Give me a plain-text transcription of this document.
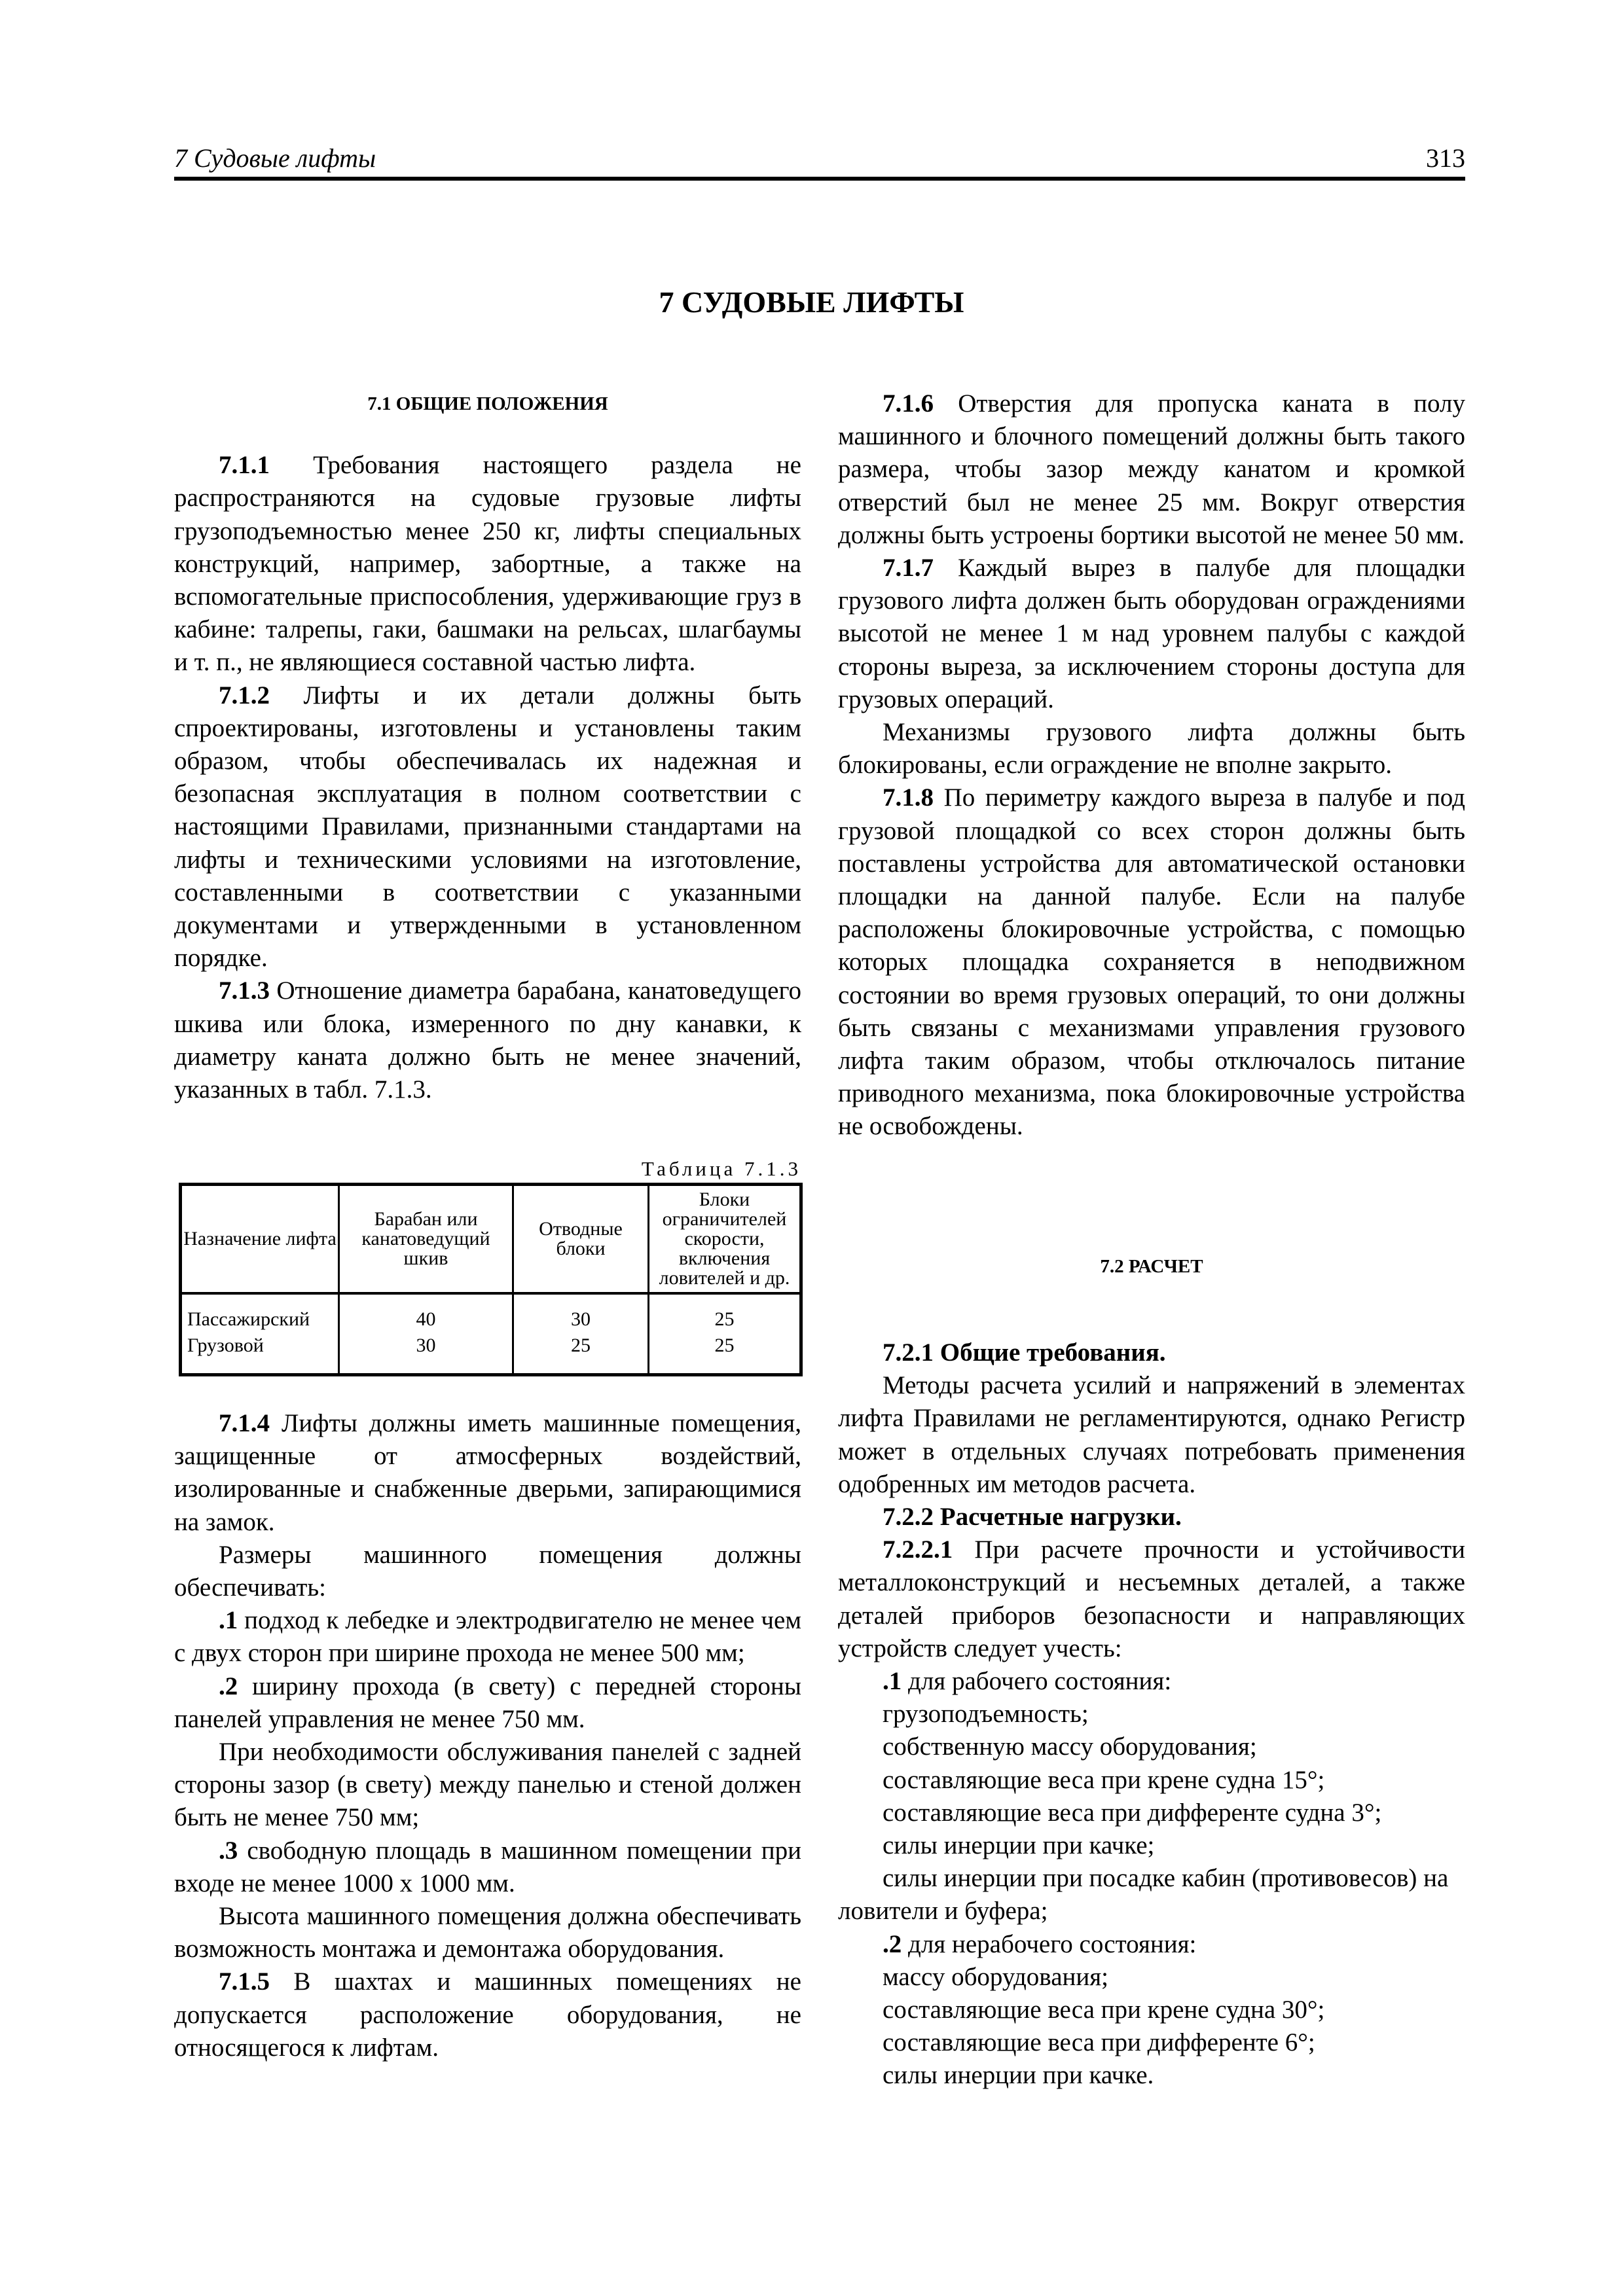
7 Судовые лифты	313
7 СУДОВЫЕ ЛИФТЫ

7.1 ОБЩИЕ ПОЛОЖЕНИЯ

7.1.1 Требования настоящего раздела не распространяются на судовые грузовые лифты грузоподъемностью менее 250 кг, лифты специальных конструкций, например, забортные, а также на вспомогательные приспособления, удерживающие груз в кабине: талрепы, гаки, башмаки на рельсах, шлагбаумы и т. п., не являющиеся составной частью лифта.

7.1.2 Лифты и их детали должны быть спроектированы, изготовлены и установлены таким образом, чтобы обеспечивалась их надежная и безопасная эксплуатация в полном соответствии с настоящими Правилами, признанными стандартами на лифты и техническими условиями на изготовление, составленными в соответствии с указанными документами и утвержденными в установленном порядке.

7.1.3 Отношение диаметра барабана, канатоведущего шкива или блока, измеренного по дну канавки, к диаметру каната должно быть не менее значений, указанных в табл. 7.1.3.

Таблица 7.1.3
Назначение лифта	Барабан или канатоведущий шкив	Отводные блоки	Блоки ограничителей скорости, включения ловителей и др.
Пассажирский	40	30	25
Грузовой	30	25	25

7.1.4 Лифты должны иметь машинные помещения, защищенные от атмосферных воздействий, изолированные и снабженные дверьми, запирающимися на замок.

Размеры машинного помещения должны обеспечивать:

.1 подход к лебедке и электродвигателю не менее чем с двух сторон при ширине прохода не менее 500 мм;

.2 ширину прохода (в свету) с передней стороны панелей управления не менее 750 мм.

При необходимости обслуживания панелей с задней стороны зазор (в свету) между панелью и стеной должен быть не менее 750 мм;

.3 свободную площадь в машинном помещении при входе не менее 1000 х 1000 мм.

Высота машинного помещения должна обеспечивать возможность монтажа и демонтажа оборудования.

7.1.5 В шахтах и машинных помещениях не допускается расположение оборудования, не относящегося к лифтам.

7.1.6 Отверстия для пропуска каната в полу машинного и блочного помещений должны быть такого размера, чтобы зазор между канатом и кромкой отверстий был не менее 25 мм. Вокруг отверстия должны быть устроены бортики высотой не менее 50 мм.

7.1.7 Каждый вырез в палубе для площадки грузового лифта должен быть оборудован ограждениями высотой не менее 1 м над уровнем палубы с каждой стороны выреза, за исключением стороны доступа для грузовых операций.

Механизмы грузового лифта должны быть блокированы, если ограждение не вполне закрыто.

7.1.8 По периметру каждого выреза в палубе и под грузовой площадкой со всех сторон должны быть поставлены устройства для автоматической остановки площадки на данной палубе. Если на палубе расположены блокировочные устройства, с помощью которых площадка сохраняется в неподвижном состоянии во время грузовых операций, то они должны быть связаны с механизмами управления грузового лифта таким образом, чтобы отключалось питание приводного механизма, пока блокировочные устройства не освобождены.

7.2 РАСЧЕТ

7.2.1 Общие требования.

Методы расчета усилий и напряжений в элементах лифта Правилами не регламентируются, однако Регистр может в отдельных случаях потребовать применения одобренных им методов расчета.

7.2.2 Расчетные нагрузки.

7.2.2.1 При расчете прочности и устойчивости металлоконструкций и несъемных деталей, а также деталей приборов безопасности и направляющих устройств следует учесть:

.1 для рабочего состояния:

грузоподъемность;

собственную массу оборудования;

составляющие веса при крене судна 15°;

составляющие веса при дифференте судна 3°;

силы инерции при качке;

силы инерции при посадке кабин (противовесов) на ловители и буфера;

.2 для нерабочего состояния:

массу оборудования;

составляющие веса при крене судна 30°;

составляющие веса при дифференте 6°;

силы инерции при качке.
